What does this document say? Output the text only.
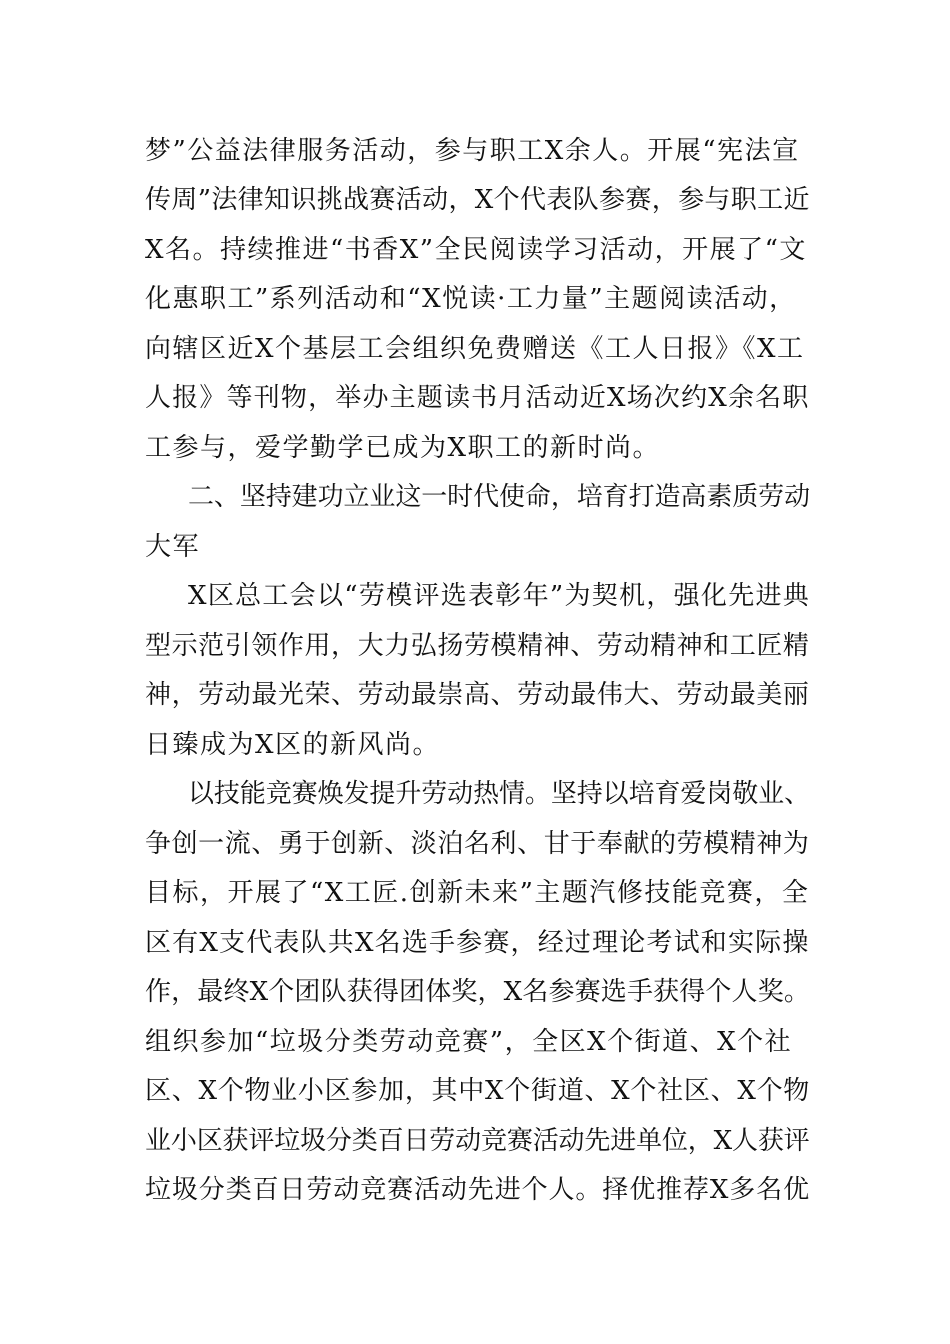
梦”公益法律服务活动，参与职工X余人。开展“宪法宣
传周”法律知识挑战赛活动，X个代表队参赛，参与职工近
X名。持续推进“书香X”全民阅读学习活动，开展了“文
化惠职工”系列活动和“X悦读·工力量”主题阅读活动，
向辖区近X个基层工会组织免费赠送《工人日报》《X工
人报》等刊物，举办主题读书月活动近X场次约X余名职
工参与，爱学勤学已成为X职工的新时尚。
二、坚持建功立业这一时代使命，培育打造高素质劳动
大军
X区总工会以“劳模评选表彰年”为契机，强化先进典
型示范引领作用，大力弘扬劳模精神、劳动精神和工匠精
神，劳动最光荣、劳动最崇高、劳动最伟大、劳动最美丽
日臻成为X区的新风尚。
以技能竞赛焕发提升劳动热情。坚持以培育爱岗敬业、
争创一流、勇于创新、淡泊名利、甘于奉献的劳模精神为
目标，开展了“X工匠.创新未来”主题汽修技能竞赛，全
区有X支代表队共X名选手参赛，经过理论考试和实际操
作，最终X个团队获得团体奖，X名参赛选手获得个人奖。
组织参加“垃圾分类劳动竞赛”，全区X个街道、X个社
区、X个物业小区参加，其中X个街道、X个社区、X个物
业小区获评垃圾分类百日劳动竞赛活动先进单位，X人获评
垃圾分类百日劳动竞赛活动先进个人。择优推荐X多名优
